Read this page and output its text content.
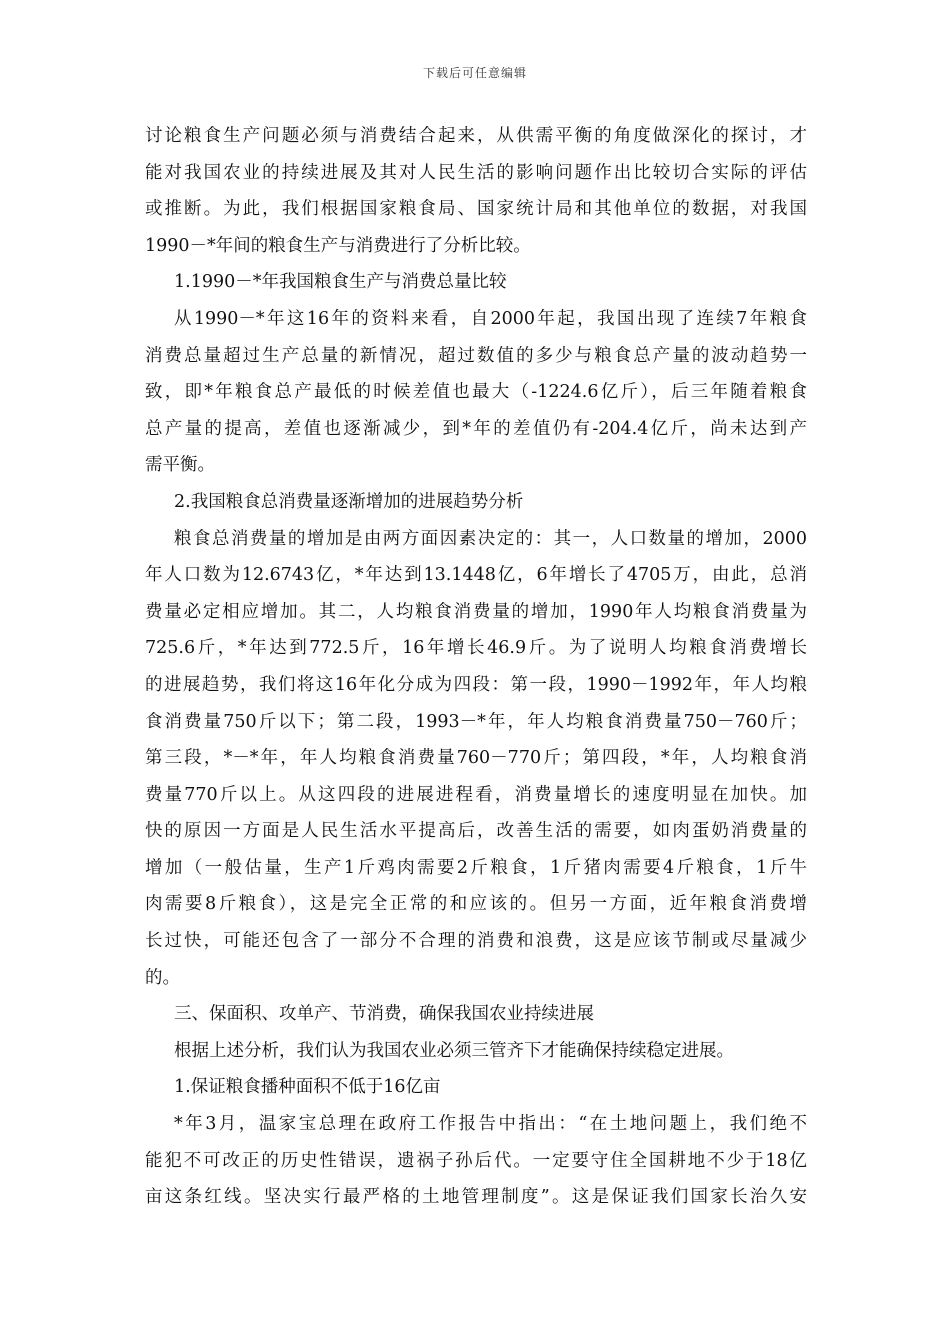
下载后可任意编辑
讨论粮食生产问题必须与消费结合起来，从供需平衡的角度做深化的探讨，才
能对我国农业的持续进展及其对人民生活的影响问题作出比较切合实际的评估
或推断。为此，我们根据国家粮食局、国家统计局和其他单位的数据，对我国
1990－*年间的粮食生产与消费进行了分析比较。
1.1990－*年我国粮食生产与消费总量比较
从1990－*年这16年的资料来看，自2000年起，我国出现了连续7年粮食
消费总量超过生产总量的新情况，超过数值的多少与粮食总产量的波动趋势一
致，即*年粮食总产最低的时候差值也最大（-1224.6亿斤），后三年随着粮食
总产量的提高，差值也逐渐减少，到*年的差值仍有-204.4亿斤，尚未达到产
需平衡。
2.我国粮食总消费量逐渐增加的进展趋势分析
粮食总消费量的增加是由两方面因素决定的：其一，人口数量的增加，2000
年人口数为12.6743亿，*年达到13.1448亿，6年增长了4705万，由此，总消
费量必定相应增加。其二，人均粮食消费量的增加，1990年人均粮食消费量为
725.6斤，*年达到772.5斤，16年增长46.9斤。为了说明人均粮食消费增长
的进展趋势，我们将这16年化分成为四段：第一段，1990－1992年，年人均粮
食消费量750斤以下；第二段，1993－*年，年人均粮食消费量750－760斤；
第三段，*－*年，年人均粮食消费量760－770斤；第四段，*年，人均粮食消
费量770斤以上。从这四段的进展进程看，消费量增长的速度明显在加快。加
快的原因一方面是人民生活水平提高后，改善生活的需要，如肉蛋奶消费量的
增加（一般估量，生产1斤鸡肉需要2斤粮食，1斤猪肉需要4斤粮食，1斤牛
肉需要8斤粮食），这是完全正常的和应该的。但另一方面，近年粮食消费增
长过快，可能还包含了一部分不合理的消费和浪费，这是应该节制或尽量减少
的。
三、保面积、攻单产、节消费，确保我国农业持续进展
根据上述分析，我们认为我国农业必须三管齐下才能确保持续稳定进展。
1.保证粮食播种面积不低于16亿亩
*年3月，温家宝总理在政府工作报告中指出：“在土地问题上，我们绝不
能犯不可改正的历史性错误，遗祸子孙后代。一定要守住全国耕地不少于18亿
亩这条红线。坚决实行最严格的土地管理制度”。这是保证我们国家长治久安
